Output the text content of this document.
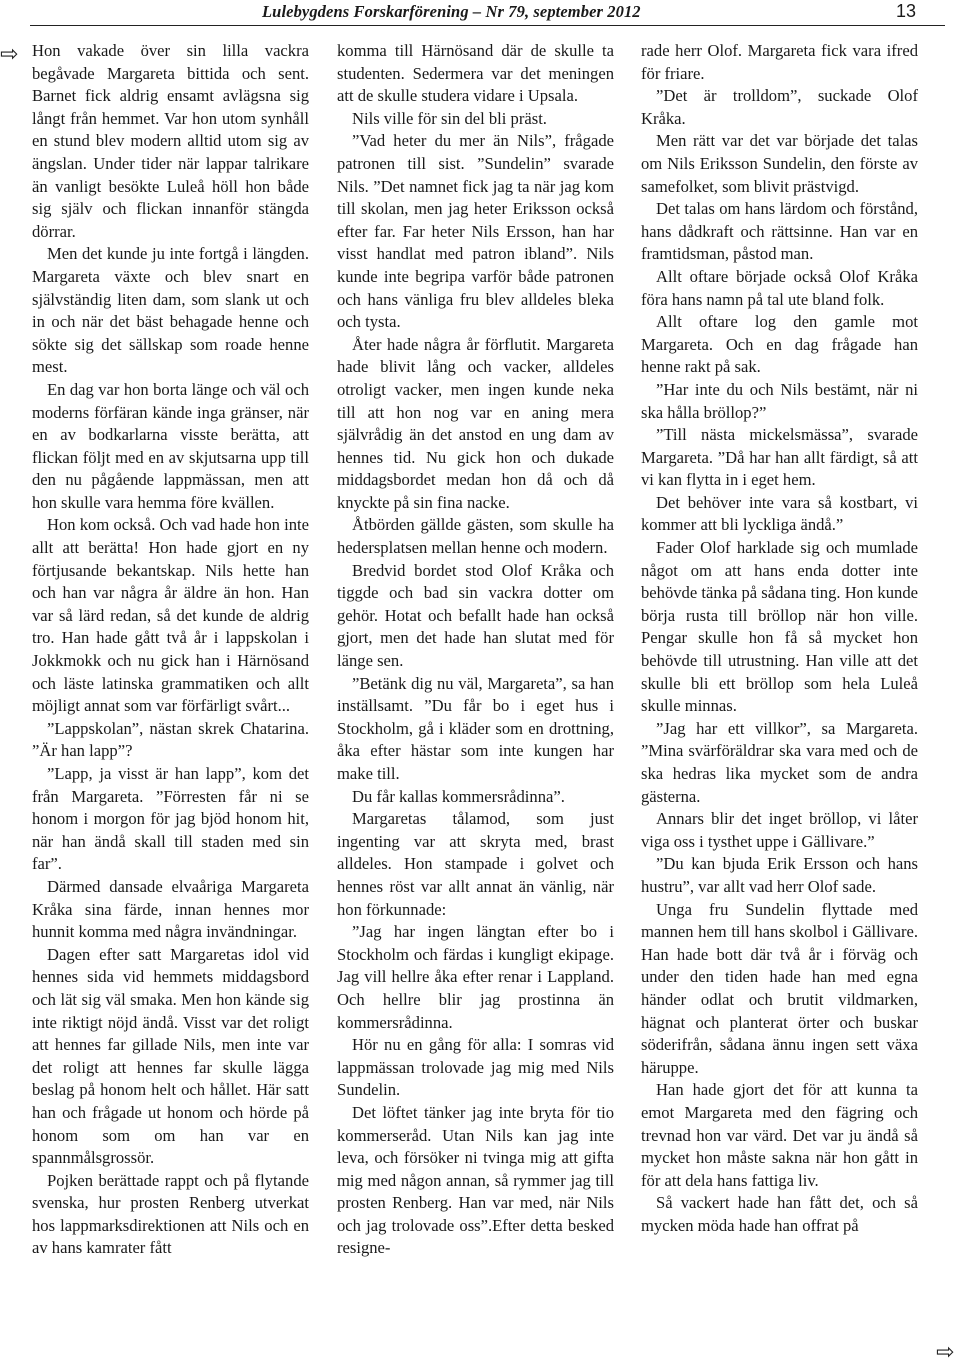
Lulebygdens Forskarförening – Nr 79, september 2012	13
⇨
⇨

Hon vakade över sin lilla vackra begåvade Margareta bittida och sent. Barnet fick aldrig ensamt avlägsna sig långt från hemmet. Var hon utom synhåll en stund blev modern alltid utom sig av ängslan. Under tider när lappar talrikare än vanligt besökte Luleå höll hon både sig själv och flickan innanför stängda dörrar.

Men det kunde ju inte fortgå i längden. Margareta växte och blev snart en självständig liten dam, som slank ut och in och när det bäst behagade henne och sökte sig det sällskap som roade henne mest.

En dag var hon borta länge och väl och moderns förfäran kände inga gränser, när en av bodkarlarna visste berätta, att flickan följt med en av skjutsarna upp till den nu pågående lappmässan, men att hon skulle vara hemma före kvällen.

Hon kom också. Och vad hade hon inte allt att berätta! Hon hade gjort en ny förtjusande bekantskap. Nils hette han och han var några år äldre än hon. Han var så lärd redan, så det kunde de aldrig tro. Han hade gått två år i lappskolan i Jokkmokk och nu gick han i Härnösand och läste latinska grammatiken och allt möjligt annat som var förfärligt svårt...

”Lappskolan”, nästan skrek Chatarina. ”Är han lapp”?

”Lapp, ja visst är han lapp”, kom det från Margareta. ”Förresten får ni se honom i morgon för jag bjöd honom hit, när han ändå skall till staden med sin far”.

Därmed dansade elvaåriga Margareta Kråka sina färde, innan hennes mor hunnit komma med några invändningar.

Dagen efter satt Margaretas idol vid hennes sida vid hemmets middagsbord och lät sig väl smaka. Men hon kände sig inte riktigt nöjd ändå. Visst var det roligt att hennes far gillade Nils, men inte var det roligt att hennes far skulle lägga beslag på honom helt och hållet. Här satt han och frågade ut honom och hörde på honom som om han var en spannmålsgrossör.

Pojken berättade rappt och på flytande svenska, hur prosten Renberg utverkat hos lappmarksdirektionen att Nils och en av hans kamrater fått

komma till Härnösand där de skulle ta studenten. Sedermera var det meningen att de skulle studera vidare i Upsala.

Nils ville för sin del bli präst.

”Vad heter du mer än Nils”, frågade patronen till sist. ”Sundelin” svarade Nils. ”Det namnet fick jag ta när jag kom till skolan, men jag heter Eriksson också efter far. Far heter Nils Ersson, han har visst handlat med patron ibland”. Nils kunde inte begripa varför både patronen och hans vänliga fru blev alldeles bleka och tysta.

Åter hade några år förflutit. Margareta hade blivit lång och vacker, alldeles otroligt vacker, men ingen kunde neka till att hon nog var en aning mera självrådig än det anstod en ung dam av hennes tid. Nu gick hon och dukade middagsbordet medan hon då och då knyckte på sin fina nacke.

Åtbörden gällde gästen, som skulle ha hedersplatsen mellan henne och modern.

Bredvid bordet stod Olof Kråka och tiggde och bad sin vackra dotter om gehör. Hotat och befallt hade han också gjort, men det hade han slutat med för länge sen.

”Betänk dig nu väl, Margareta”, sa han inställsamt. ”Du får bo i eget hus i Stockholm, gå i kläder som en drottning, åka efter hästar som inte kungen har make till.

Du får kallas kommersrådinna”.

Margaretas tålamod, som just ingenting var att skryta med, brast alldeles. Hon stampade i golvet och hennes röst var allt annat än vänlig, när hon förkunnade:

”Jag har ingen längtan efter bo i Stockholm och färdas i kungligt ekipage. Jag vill hellre åka efter renar i Lappland. Och hellre blir jag prostinna än kommersrådinna.

Hör nu en gång för alla: I somras vid lappmässan trolovade jag mig med Nils Sundelin.

Det löftet tänker jag inte bryta för tio kommerseråd. Utan Nils kan jag inte leva, och försöker ni tvinga mig att gifta mig med någon annan, så rymmer jag till prosten Renberg. Han var med, när Nils och jag trolovade oss”.Efter detta besked resigne-

rade herr Olof. Margareta fick vara ifred för friare.

”Det är trolldom”, suckade Olof Kråka.

Men rätt var det var började det talas om Nils Eriksson Sundelin, den förste av samefolket, som blivit prästvigd.

Det talas om hans lärdom och förstånd, hans dådkraft och rättsinne. Han var en framtidsman, påstod man.

Allt oftare började också Olof Kråka föra hans namn på tal ute bland folk.

Allt oftare log den gamle mot Margareta. Och en dag frågade han henne rakt på sak.

”Har inte du och Nils bestämt, när ni ska hålla bröllop?”

”Till nästa mickelsmässa”, svarade Margareta. ”Då har han allt färdigt, så att vi kan flytta in i eget hem.

Det behöver inte vara så kostbart, vi kommer att bli lyckliga ändå.”

Fader Olof harklade sig och mumlade något om att hans enda dotter inte behövde tänka på sådana ting. Hon kunde börja rusta till bröllop när hon ville. Pengar skulle hon få så mycket hon behövde till utrustning. Han ville att det skulle bli ett bröllop som hela Luleå skulle minnas.

”Jag har ett villkor”, sa Margareta. ”Mina svärföräldrar ska vara med och de ska hedras lika mycket som de andra gästerna.

Annars blir det inget bröllop, vi låter viga oss i tysthet uppe i Gällivare.”

”Du kan bjuda Erik Ersson och hans hustru”, var allt vad herr Olof sade.

Unga fru Sundelin flyttade med mannen hem till hans skolbol i Gällivare. Han hade bott där två år i förväg och under den tiden hade han med egna händer odlat och brutit vildmarken, hägnat och planterat örter och buskar söderifrån, sådana ännu ingen sett växa häruppe.

Han hade gjort det för att kunna ta emot Margareta med den fägring och trevnad hon var värd. Det var ju ändå så mycket hon måste sakna när hon gått in för att dela hans fattiga liv.

Så vackert hade han fått det, och så mycken möda hade han offrat på
